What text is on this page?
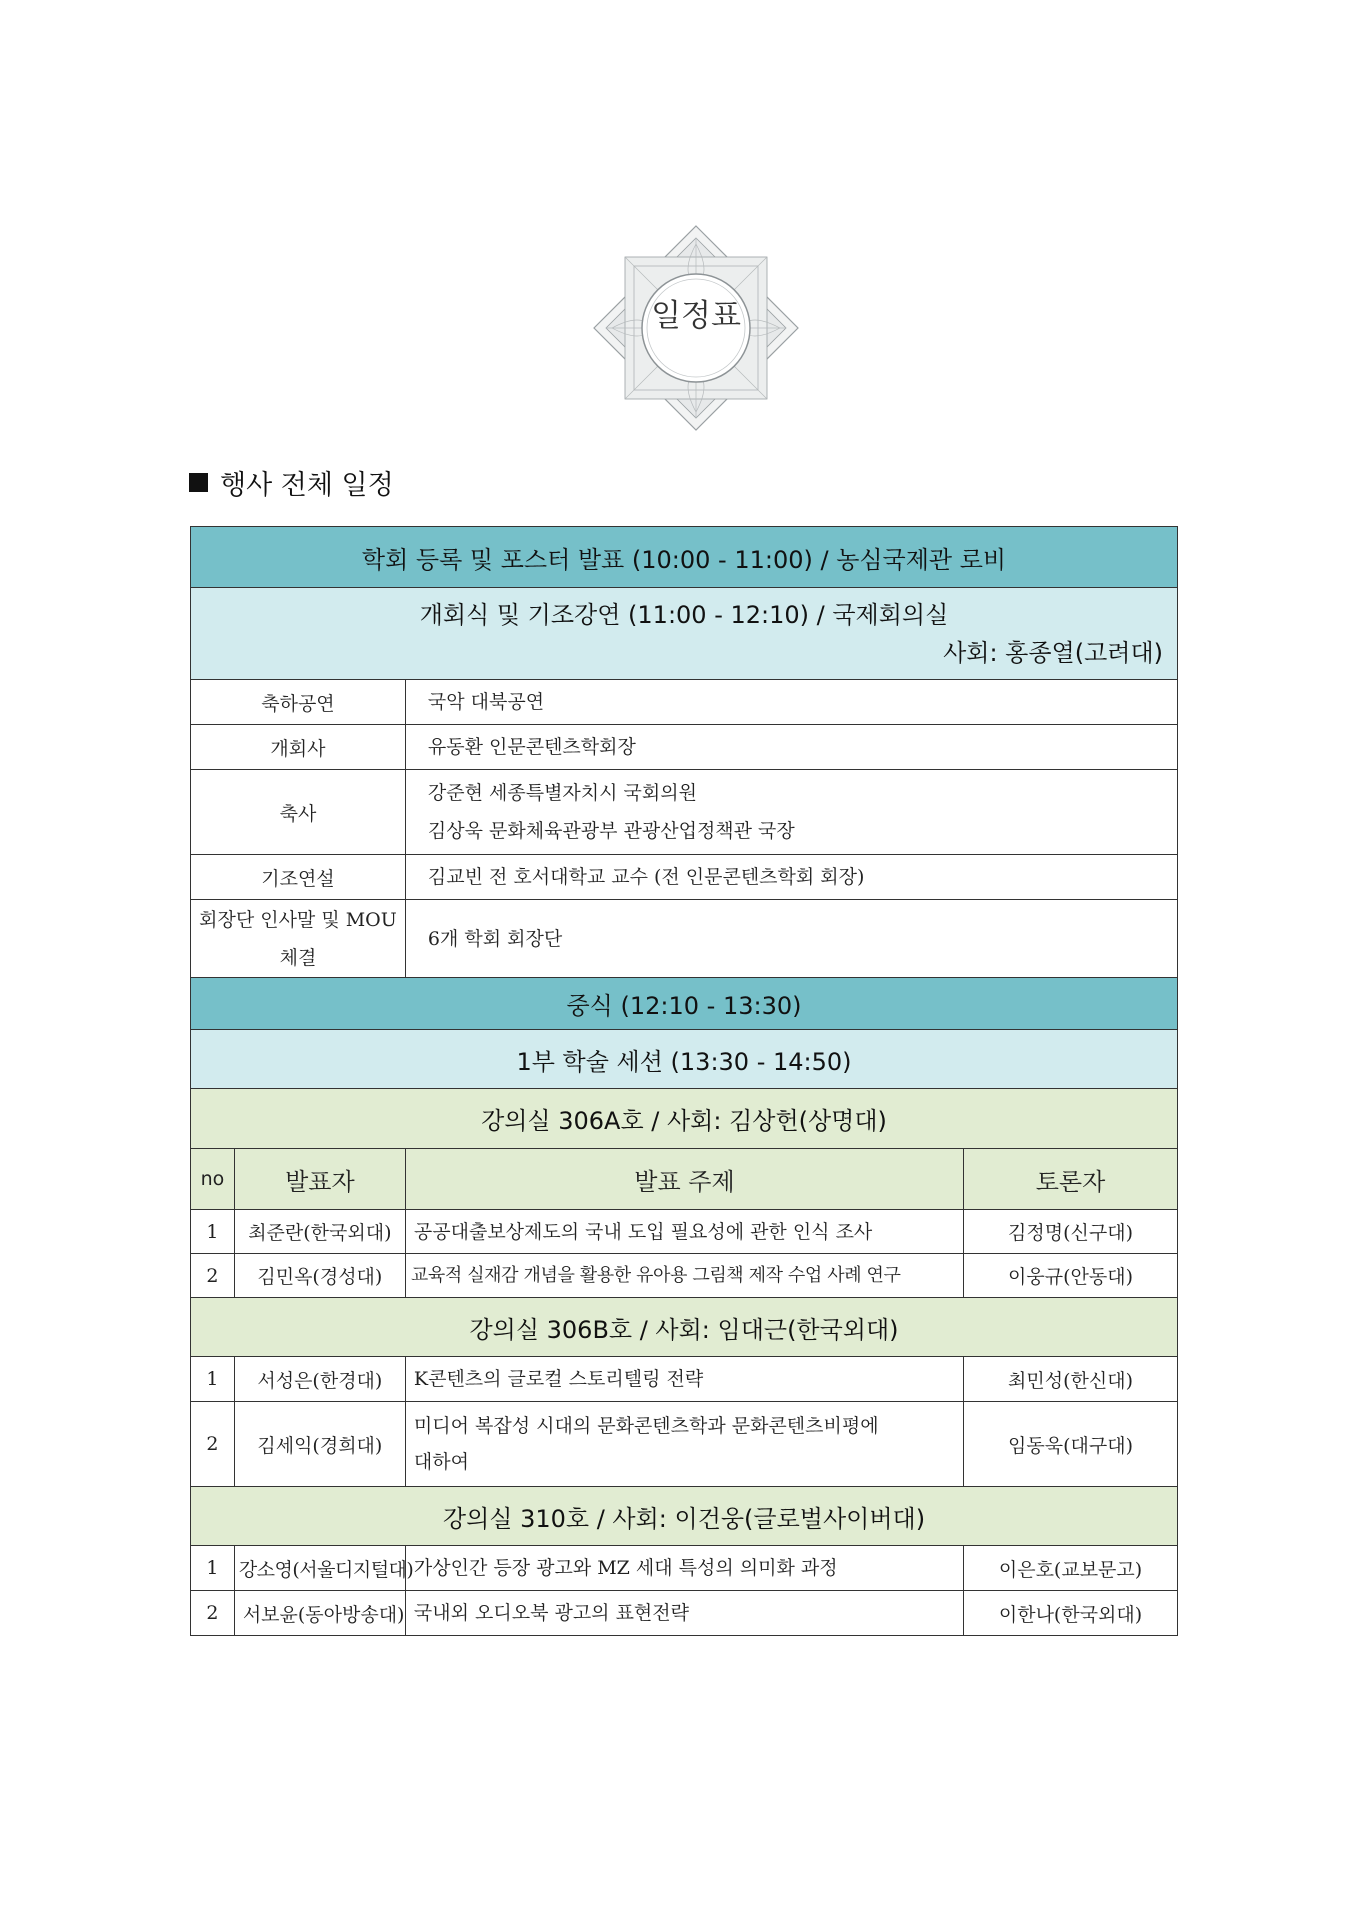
일정표
행사 전체 일정
학회 등록 및 포스터 발표 (10:00 - 11:00) / 농심국제관 로비			

개회식 및 기조강연 (11:00 - 12:10) / 국제회의실
사회: 홍종열(고려대)			

축하공연		국악 대북공연	
개회사		유동환 인문콘텐츠학회장	
축사		강준현 세종특별자치시 국회의원
김상욱 문화체육관광부 관광산업정책관 국장	

기조연설		김교빈 전 호서대학교 교수 (전 인문콘텐츠학회 회장)	

회장단 인사말 및 MOU
체결		6개 학회 회장단	
중식 (12:10 - 13:30)			
1부 학술 세션 (13:30 - 14:50)			
강의실 306A호 / 사회: 김상헌(상명대)			
no	발표자	발표 주제	토론자
1	최준란(한국외대)	공공대출보상제도의 국내 도입 필요성에 관한 인식 조사	김정명(신구대)
2	김민옥(경성대)	교육적 실재감 개념을 활용한 유아용 그림책 제작 수업 사례 연구	이웅규(안동대)
강의실 306B호 / 사회: 임대근(한국외대)			
1	서성은(한경대)	K콘텐츠의 글로컬 스토리텔링 전략	최민성(한신대)
2	김세익(경희대)	미디어 복잡성 시대의 문화콘텐츠학과 문화콘텐츠비평에
대하여	임동욱(대구대)
강의실 310호 / 사회: 이건웅(글로벌사이버대)			
1	강소영(서울디지털대)	가상인간 등장 광고와 MZ 세대 특성의 의미화 과정	이은호(교보문고)
2	서보윤(동아방송대)	국내외 오디오북 광고의 표현전략	이한나(한국외대)
